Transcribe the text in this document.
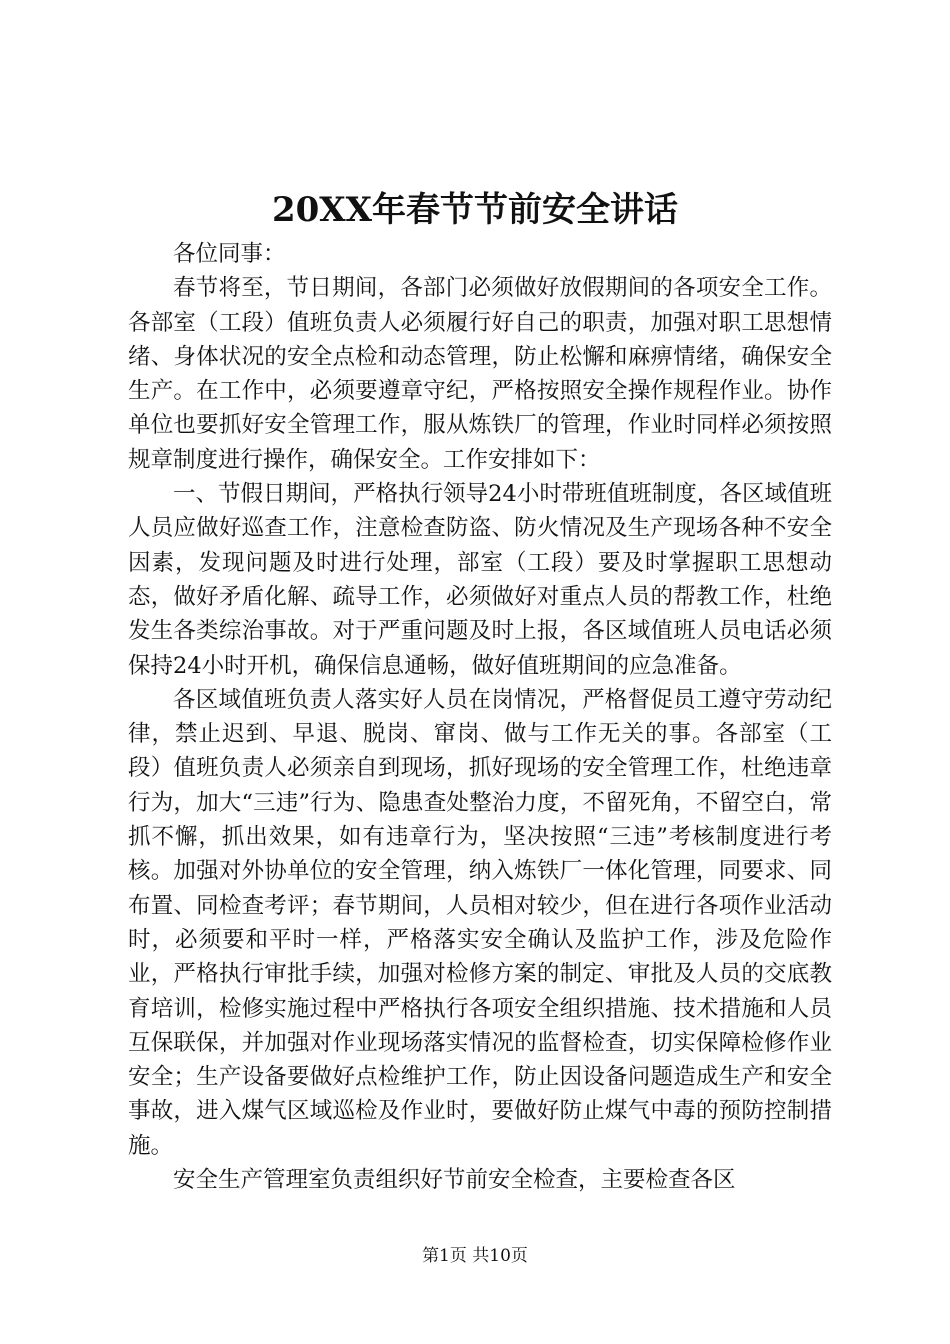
20XX年春节节前安全讲话

各位同事：

春节将至，节日期间，各部门必须做好放假期间的各项安全工作。各部室（工段）值班负责人必须履行好自己的职责，加强对职工思想情绪、身体状况的安全点检和动态管理，防止松懈和麻痹情绪，确保安全生产。在工作中，必须要遵章守纪，严格按照安全操作规程作业。协作单位也要抓好安全管理工作，服从炼铁厂的管理，作业时同样必须按照规章制度进行操作，确保安全。工作安排如下：

一、节假日期间，严格执行领导24小时带班值班制度，各区域值班人员应做好巡查工作，注意检查防盗、防火情况及生产现场各种不安全因素，发现问题及时进行处理，部室（工段）要及时掌握职工思想动态，做好矛盾化解、疏导工作，必须做好对重点人员的帮教工作，杜绝发生各类综治事故。对于严重问题及时上报，各区域值班人员电话必须保持24小时开机，确保信息通畅，做好值班期间的应急准备。

各区域值班负责人落实好人员在岗情况，严格督促员工遵守劳动纪律，禁止迟到、早退、脱岗、窜岗、做与工作无关的事。各部室（工段）值班负责人必须亲自到现场，抓好现场的安全管理工作，杜绝违章行为，加大“三违”行为、隐患查处整治力度，不留死角，不留空白，常抓不懈，抓出效果，如有违章行为，坚决按照“三违”考核制度进行考核。加强对外协单位的安全管理，纳入炼铁厂一体化管理，同要求、同布置、同检查考评；春节期间，人员相对较少，但在进行各项作业活动时，必须要和平时一样，严格落实安全确认及监护工作，涉及危险作业，严格执行审批手续，加强对检修方案的制定、审批及人员的交底教育培训，检修实施过程中严格执行各项安全组织措施、技术措施和人员互保联保，并加强对作业现场落实情况的监督检查，切实保障检修作业安全；生产设备要做好点检维护工作，防止因设备问题造成生产和安全事故，进入煤气区域巡检及作业时，要做好防止煤气中毒的预防控制措施。

安全生产管理室负责组织好节前安全检查，主要检查各区

第1页 共10页
